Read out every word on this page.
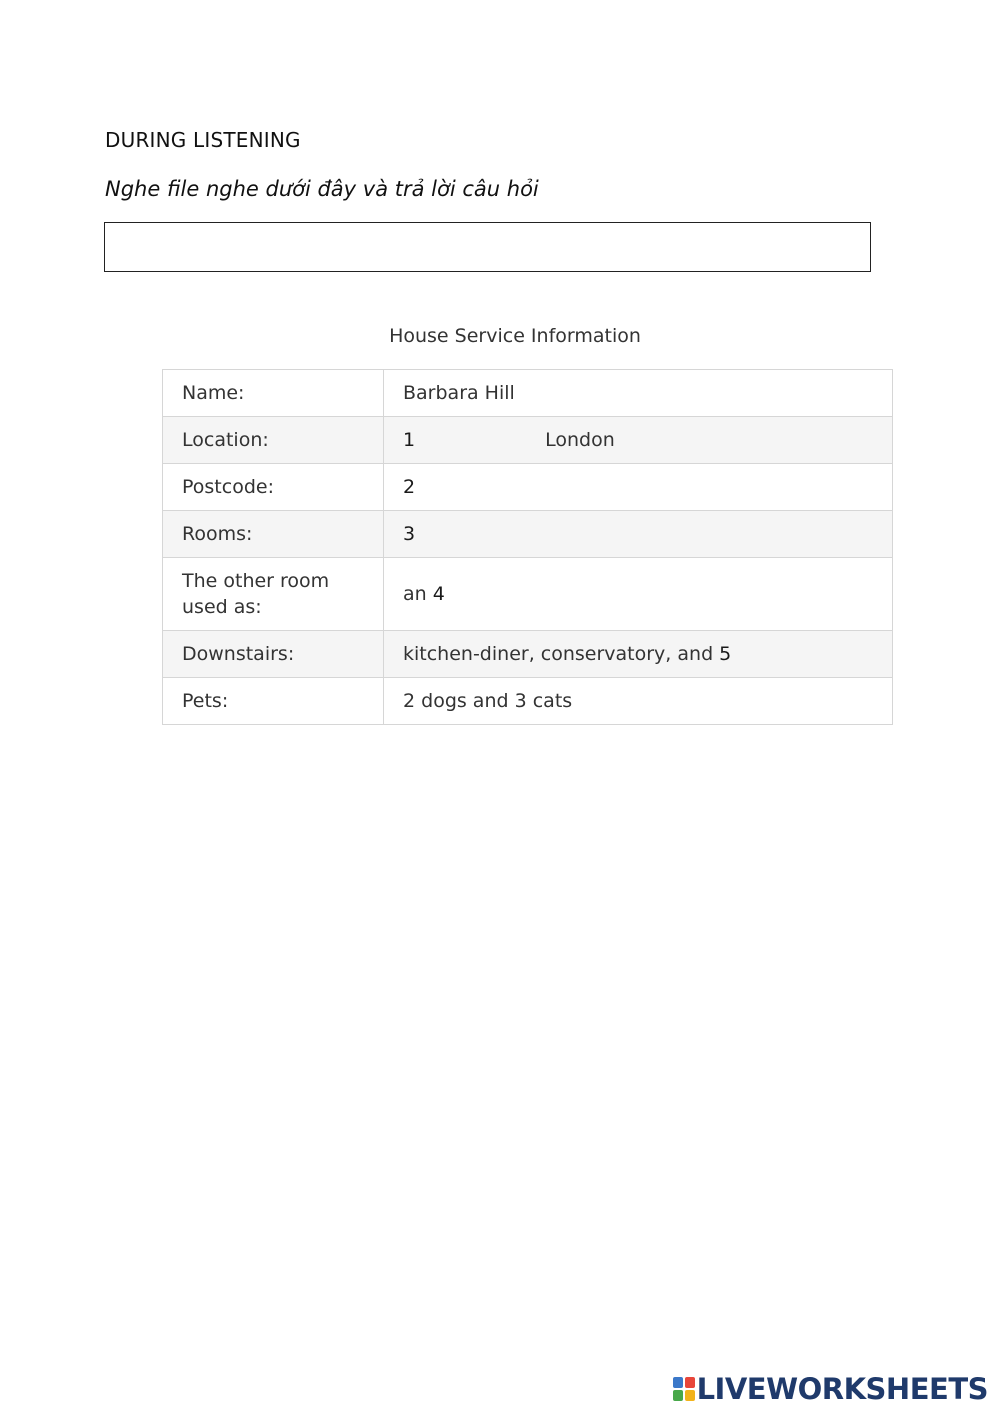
DURING LISTENING

Nghe file nghe dưới đây và trả lời câu hỏi

House Service Information

Name:	Barbara Hill
Location:	1 London
Postcode:	2
Rooms:	3
The other room used as:	an 4
Downstairs:	kitchen-diner, conservatory, and 5
Pets:	2 dogs and 3 cats
LIVEWORKSHEETS
